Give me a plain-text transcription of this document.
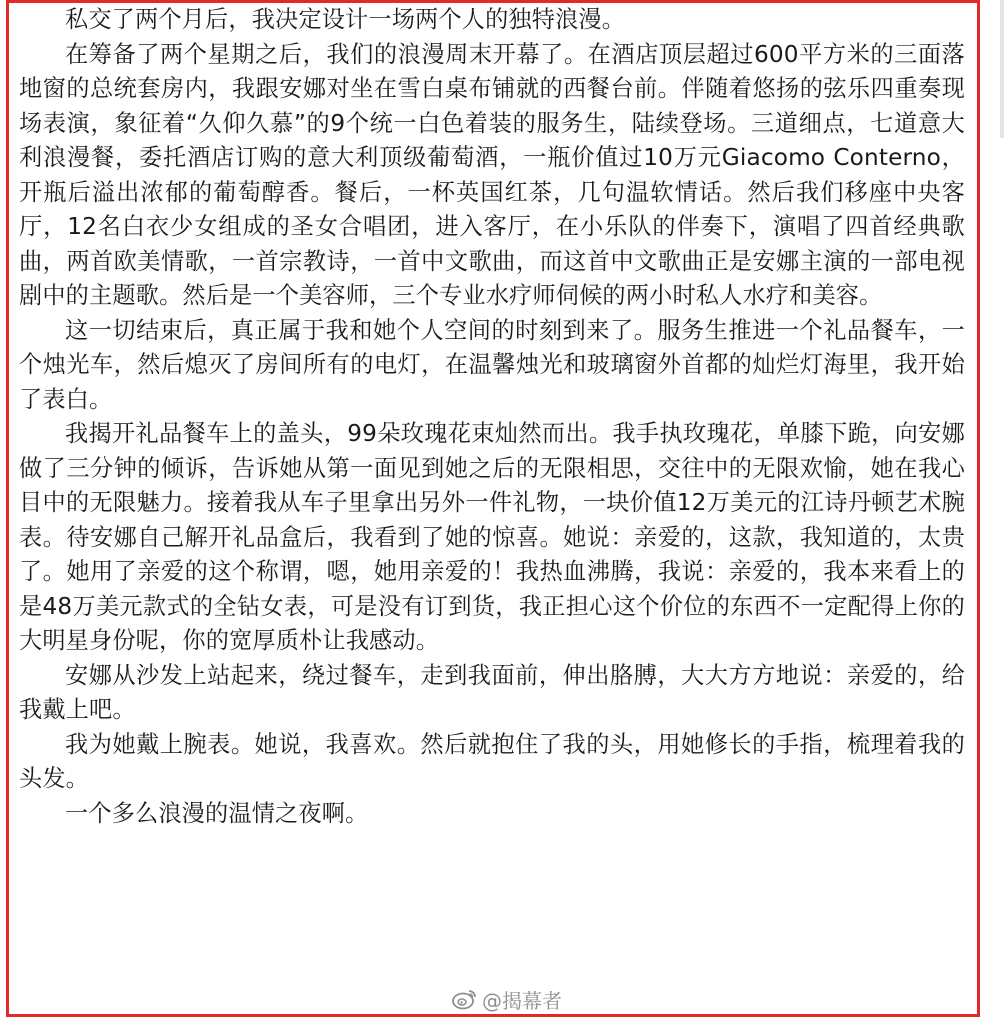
私交了两个月后，我决定设计一场两个人的独特浪漫。

在筹备了两个星期之后，我们的浪漫周末开幕了。在酒店顶层超过600平方米的三面落地窗的总统套房内，我跟安娜对坐在雪白桌布铺就的西餐台前。伴随着悠扬的弦乐四重奏现场表演，象征着“久仰久慕”的9个统一白色着装的服务生，陆续登场。三道细点，七道意大利浪漫餐，委托酒店订购的意大利顶级葡萄酒，一瓶价值过10万元Giacomo Conterno，开瓶后溢出浓郁的葡萄醇香。餐后，一杯英国红茶，几句温软情话。然后我们移座中央客厅，12名白衣少女组成的圣女合唱团，进入客厅，在小乐队的伴奏下，演唱了四首经典歌曲，两首欧美情歌，一首宗教诗，一首中文歌曲，而这首中文歌曲正是安娜主演的一部电视剧中的主题歌。然后是一个美容师，三个专业水疗师伺候的两小时私人水疗和美容。

这一切结束后，真正属于我和她个人空间的时刻到来了。服务生推进一个礼品餐车，一个烛光车，然后熄灭了房间所有的电灯，在温馨烛光和玻璃窗外首都的灿烂灯海里，我开始了表白。

我揭开礼品餐车上的盖头，99朵玫瑰花束灿然而出。我手执玫瑰花，单膝下跪，向安娜做了三分钟的倾诉，告诉她从第一面见到她之后的无限相思，交往中的无限欢愉，她在我心目中的无限魅力。接着我从车子里拿出另外一件礼物，一块价值12万美元的江诗丹顿艺术腕表。待安娜自己解开礼品盒后，我看到了她的惊喜。她说：亲爱的，这款，我知道的，太贵了。她用了亲爱的这个称谓，嗯，她用亲爱的！我热血沸腾，我说：亲爱的，我本来看上的是48万美元款式的全钻女表，可是没有订到货，我正担心这个价位的东西不一定配得上你的大明星身份呢，你的宽厚质朴让我感动。

安娜从沙发上站起来，绕过餐车，走到我面前，伸出胳膊，大大方方地说：亲爱的，给我戴上吧。

我为她戴上腕表。她说，我喜欢。然后就抱住了我的头，用她修长的手指，梳理着我的头发。

一个多么浪漫的温情之夜啊。

@揭幕者
